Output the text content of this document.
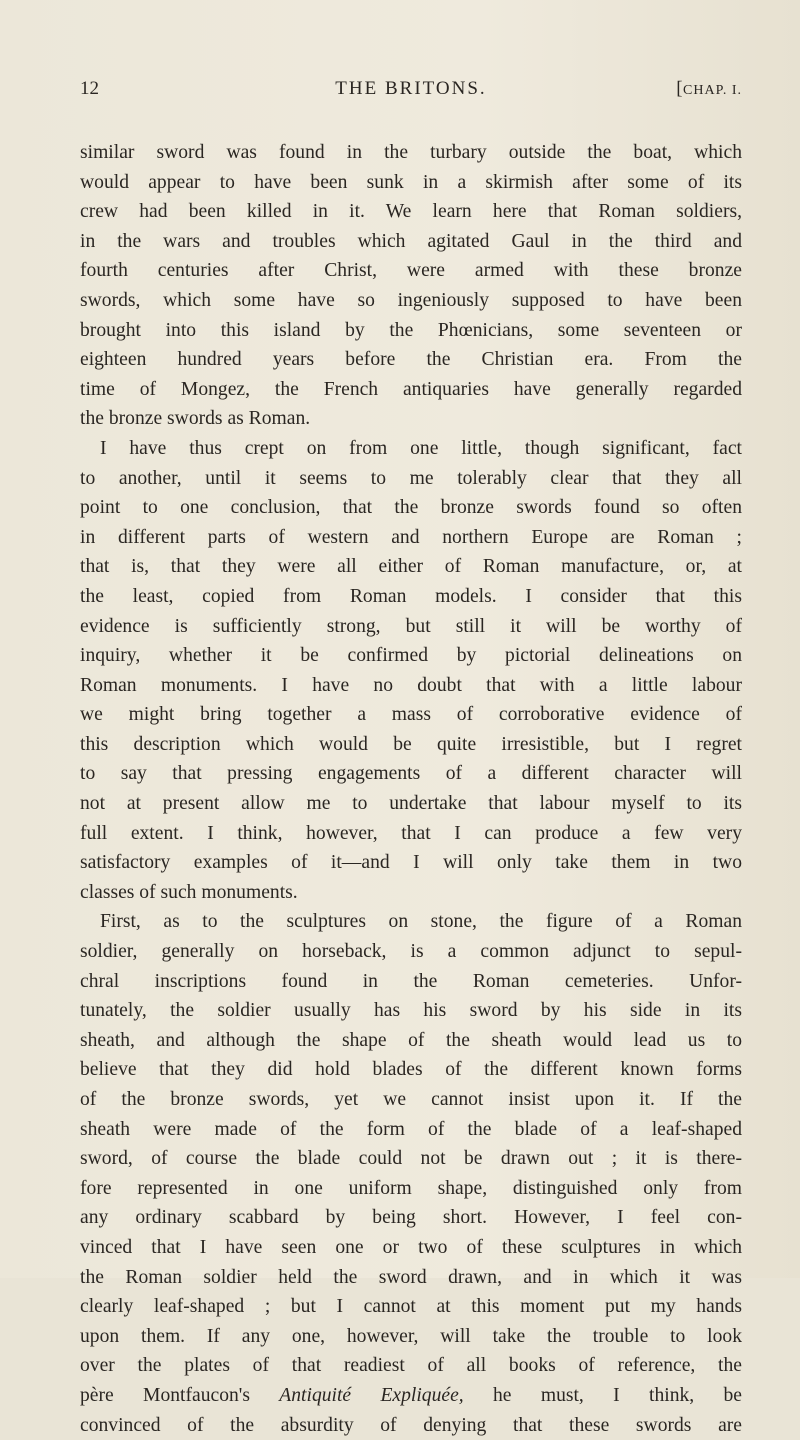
12	THE BRITONS.	[CHAP. I.
similar sword was found in the turbary outside the boat, which
would appear to have been sunk in a skirmish after some of its
crew had been killed in it. We learn here that Roman soldiers,
in the wars and troubles which agitated Gaul in the third and
fourth centuries after Christ, were armed with these bronze
swords, which some have so ingeniously supposed to have been
brought into this island by the Phœnicians, some seventeen or
eighteen hundred years before the Christian era. From the
time of Mongez, the French antiquaries have generally regarded
the bronze swords as Roman.
I have thus crept on from one little, though significant, fact
to another, until it seems to me tolerably clear that they all
point to one conclusion, that the bronze swords found so often
in different parts of western and northern Europe are Roman ;
that is, that they were all either of Roman manufacture, or, at
the least, copied from Roman models. I consider that this
evidence is sufficiently strong, but still it will be worthy of
inquiry, whether it be confirmed by pictorial delineations on
Roman monuments. I have no doubt that with a little labour
we might bring together a mass of corroborative evidence of
this description which would be quite irresistible, but I regret
to say that pressing engagements of a different character will
not at present allow me to undertake that labour myself to its
full extent. I think, however, that I can produce a few very
satisfactory examples of it—and I will only take them in two
classes of such monuments.
First, as to the sculptures on stone, the figure of a Roman
soldier, generally on horseback, is a common adjunct to sepul-
chral inscriptions found in the Roman cemeteries. Unfor-
tunately, the soldier usually has his sword by his side in its
sheath, and although the shape of the sheath would lead us to
believe that they did hold blades of the different known forms
of the bronze swords, yet we cannot insist upon it. If the
sheath were made of the form of the blade of a leaf-shaped
sword, of course the blade could not be drawn out ; it is there-
fore represented in one uniform shape, distinguished only from
any ordinary scabbard by being short. However, I feel con-
vinced that I have seen one or two of these sculptures in which
the Roman soldier held the sword drawn, and in which it was
clearly leaf-shaped ; but I cannot at this moment put my hands
upon them. If any one, however, will take the trouble to look
over the plates of that readiest of all books of reference, the
père Montfaucon's Antiquité Expliquée, he must, I think, be
convinced of the absurdity of denying that these swords are
